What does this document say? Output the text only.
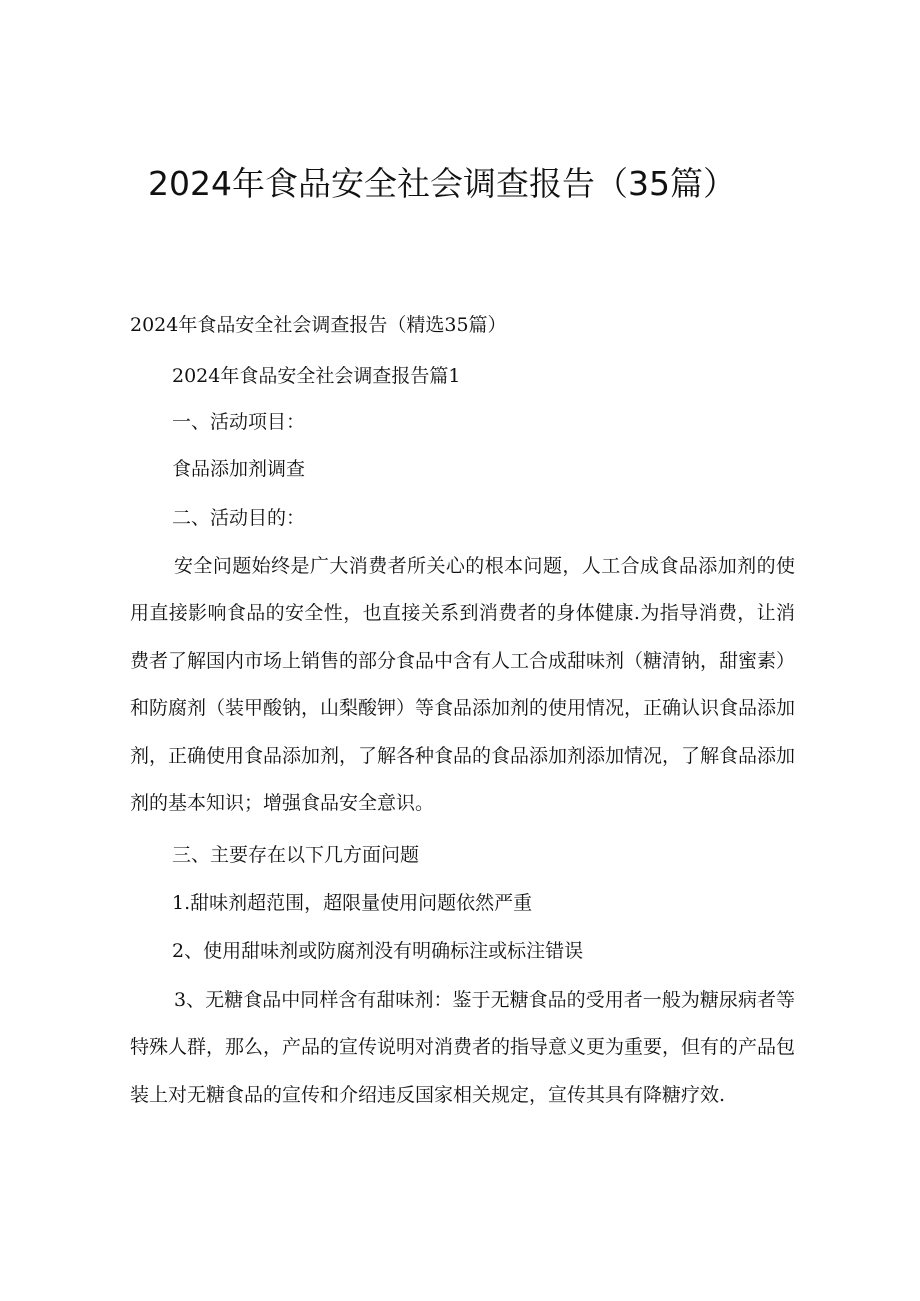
2024年食品安全社会调查报告（35篇）

2024年食品安全社会调查报告（精选35篇）

2024年食品安全社会调查报告篇1

一、活动项目：

食品添加剂调查

二、活动目的：

安全问题始终是广大消费者所关心的根本问题，人工合成食品添加剂的使用直接影响食品的安全性，也直接关系到消费者的身体健康.为指导消费，让消费者了解国内市场上销售的部分食品中含有人工合成甜味剂（糖清钠，甜蜜素）和防腐剂（装甲酸钠，山梨酸钾）等食品添加剂的使用情况，正确认识食品添加剂，正确使用食品添加剂，了解各种食品的食品添加剂添加情况，了解食品添加剂的基本知识；增强食品安全意识。

三、主要存在以下几方面问题

1.甜味剂超范围，超限量使用问题依然严重

2、使用甜味剂或防腐剂没有明确标注或标注错误

3、无糖食品中同样含有甜味剂：鉴于无糖食品的受用者一般为糖尿病者等特殊人群，那么，产品的宣传说明对消费者的指导意义更为重要，但有的产品包装上对无糖食品的宣传和介绍违反国家相关规定，宣传其具有降糖疗效.
